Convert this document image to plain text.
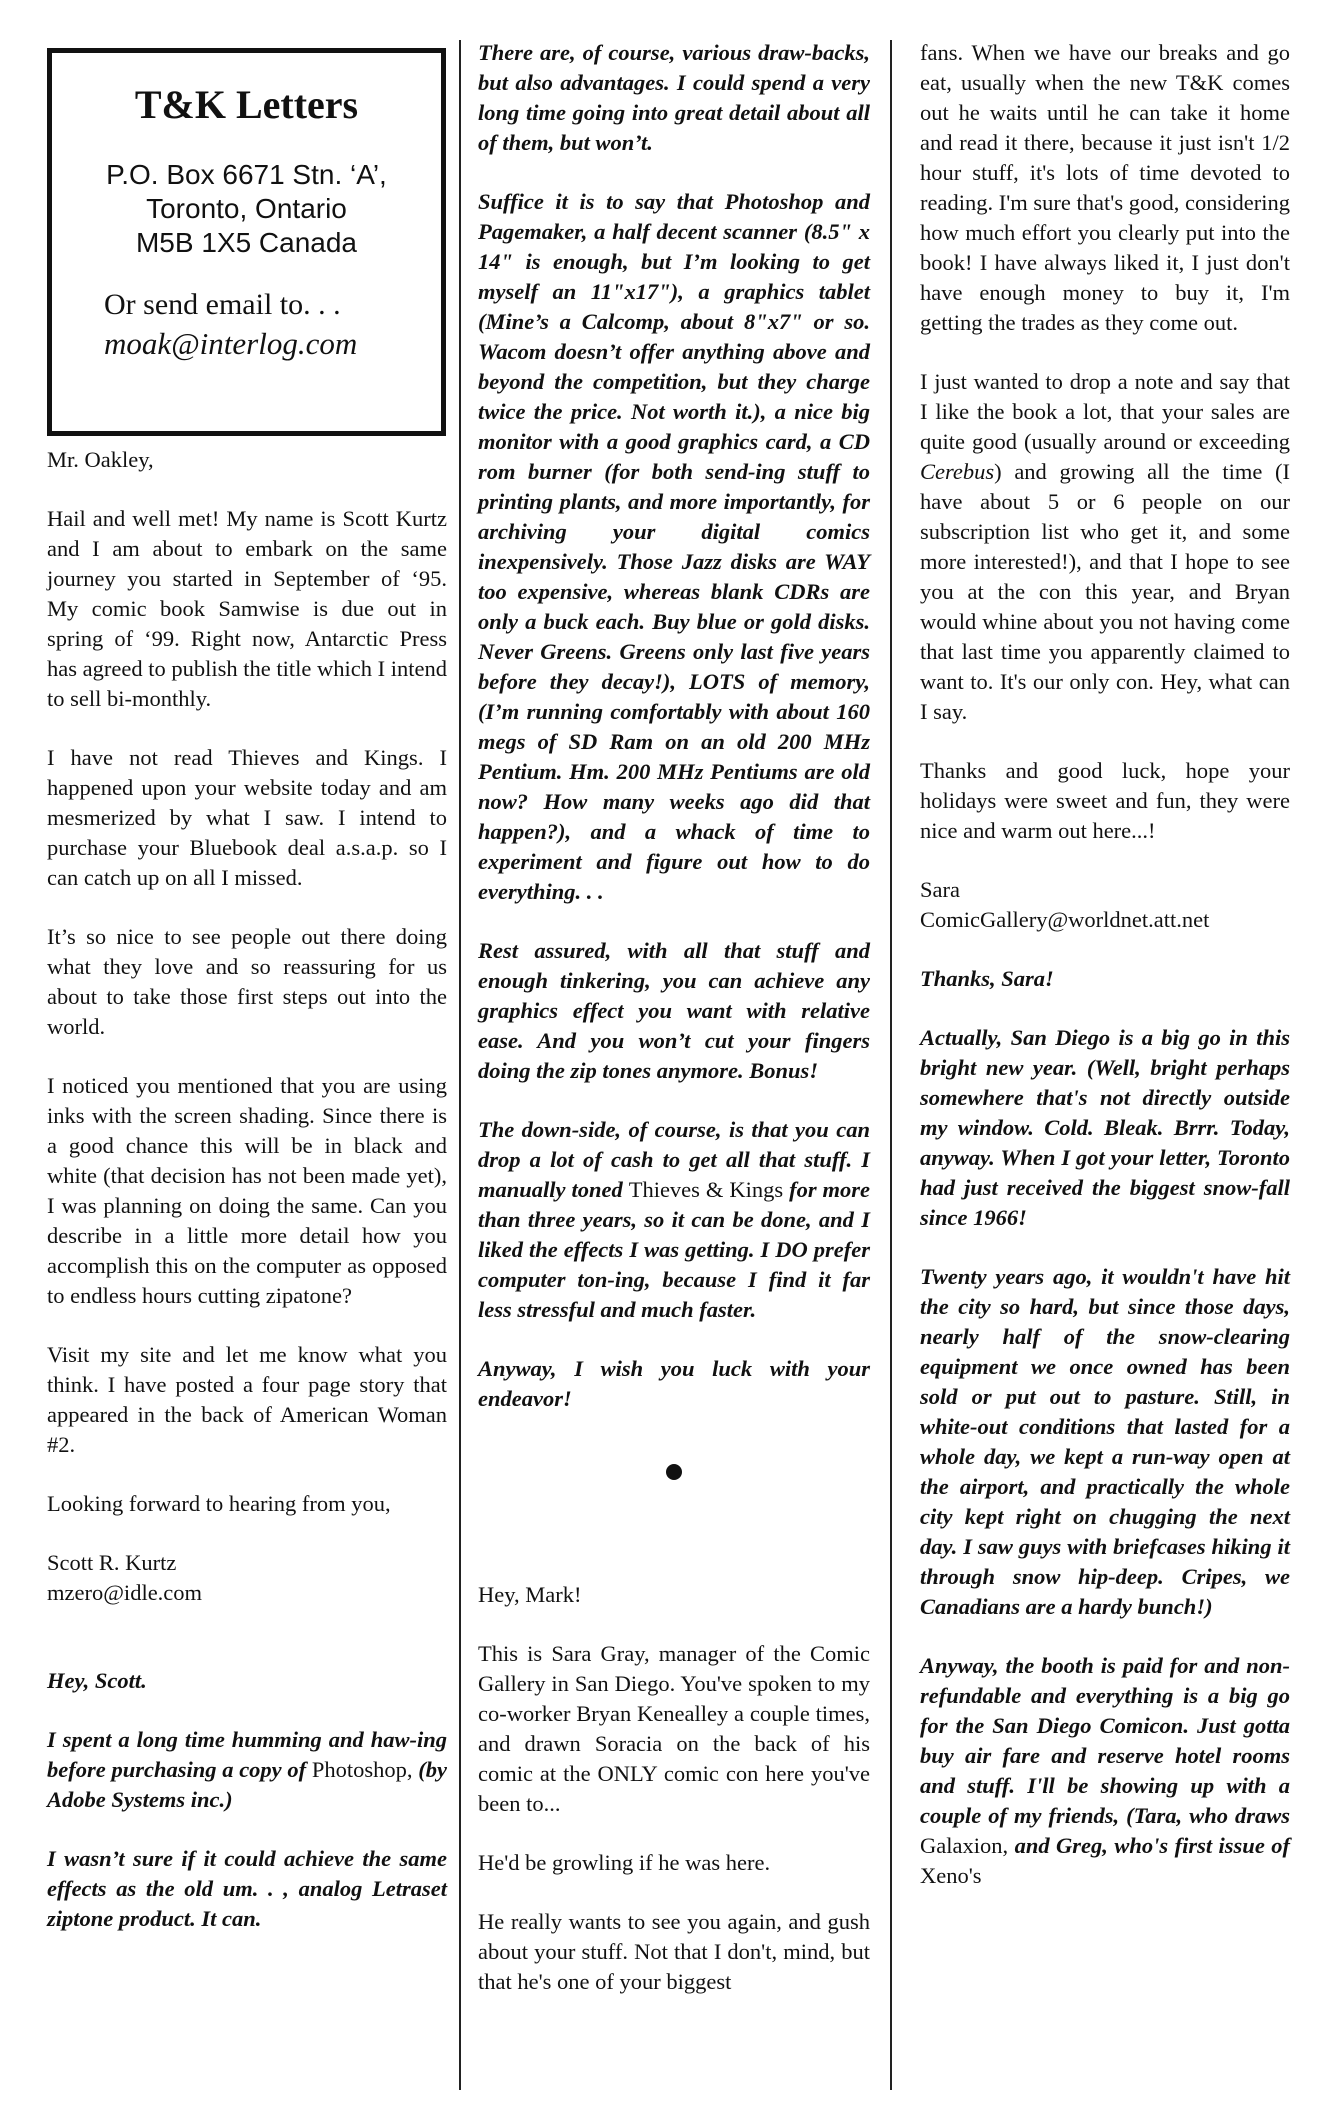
T&K Letters
P.O. Box 6671 Stn. ‘A’,
Toronto, Ontario
M5B 1X5 Canada
Or send email to. . .
moak@interlog.com

Mr. Oakley,

Hail and well met! My name is Scott Kurtz and I am about to embark on the same journey you started in September of ‘95. My comic book Samwise is due out in spring of ‘99. Right now, Antarctic Press has agreed to publish the title which I intend to sell bi-monthly.

I have not read Thieves and Kings. I happened upon your website today and am mesmerized by what I saw. I intend to purchase your Bluebook deal a.s.a.p. so I can catch up on all I missed.

It’s so nice to see people out there doing what they love and so reassuring for us about to take those first steps out into the world.

I noticed you mentioned that you are using inks with the screen shading. Since there is a good chance this will be in black and white (that decision has not been made yet), I was planning on doing the same. Can you describe in a little more detail how you accomplish this on the computer as opposed to endless hours cutting zipatone?

Visit my site and let me know what you think. I have posted a four page story that appeared in the back of American Woman #2.

Looking forward to hearing from you,

Scott R. Kurtz
mzero@idle.com

Hey, Scott.

I spent a long time humming and haw-ing before purchasing a copy of Photoshop, (by Adobe Systems inc.)

I wasn’t sure if it could achieve the same effects as the old um. . , analog Letraset ziptone product. It can.

There are, of course, various draw-backs, but also advantages. I could spend a very long time going into great detail about all of them, but won’t.

Suffice it is to say that Photoshop and Pagemaker, a half decent scanner (8.5" x 14" is enough, but I’m looking to get myself an 11"x17"), a graphics tablet (Mine’s a Calcomp, about 8"x7" or so. Wacom doesn’t offer anything above and beyond the competition, but they charge twice the price. Not worth it.), a nice big monitor with a good graphics card, a CD rom burner (for both send-ing stuff to printing plants, and more importantly, for archiving your digital comics inexpensively. Those Jazz disks are WAY too expensive, whereas blank CDRs are only a buck each. Buy blue or gold disks. Never Greens. Greens only last five years before they decay!), LOTS of memory, (I’m running comfortably with about 160 megs of SD Ram on an old 200 MHz Pentium. Hm. 200 MHz Pentiums are old now? How many weeks ago did that happen?), and a whack of time to experiment and figure out how to do everything. . .

Rest assured, with all that stuff and enough tinkering, you can achieve any graphics effect you want with relative ease. And you won’t cut your fingers doing the zip tones anymore. Bonus!

The down-side, of course, is that you can drop a lot of cash to get all that stuff. I manually toned Thieves & Kings for more than three years, so it can be done, and I liked the effects I was getting. I DO prefer computer ton-ing, because I find it far less stressful and much faster.

Anyway, I wish you luck with your endeavor!

Hey, Mark!

This is Sara Gray, manager of the Comic Gallery in San Diego. You've spoken to my co-worker Bryan Kenealley a couple times, and drawn Soracia on the back of his comic at the ONLY comic con here you've been to...

He'd be growling if he was here.

He really wants to see you again, and gush about your stuff. Not that I don't, mind, but that he's one of your biggest

fans. When we have our breaks and go eat, usually when the new T&K comes out he waits until he can take it home and read it there, because it just isn't 1/2 hour stuff, it's lots of time devoted to reading. I'm sure that's good, considering how much effort you clearly put into the book! I have always liked it, I just don't have enough money to buy it, I'm getting the trades as they come out.

I just wanted to drop a note and say that I like the book a lot, that your sales are quite good (usually around or exceeding Cerebus) and growing all the time (I have about 5 or 6 people on our subscription list who get it, and some more interested!), and that I hope to see you at the con this year, and Bryan would whine about you not having come that last time you apparently claimed to want to. It's our only con. Hey, what can I say.

Thanks and good luck, hope your holidays were sweet and fun, they were nice and warm out here...!

Sara
ComicGallery@worldnet.att.net

Thanks, Sara!

Actually, San Diego is a big go in this bright new year. (Well, bright perhaps somewhere that's not directly outside my window. Cold. Bleak. Brrr. Today, anyway. When I got your letter, Toronto had just received the biggest snow-fall since 1966!

Twenty years ago, it wouldn't have hit the city so hard, but since those days, nearly half of the snow-clearing equipment we once owned has been sold or put out to pasture. Still, in white-out conditions that lasted for a whole day, we kept a run-way open at the airport, and practically the whole city kept right on chugging the next day. I saw guys with briefcases hiking it through snow hip-deep. Cripes, we Canadians are a hardy bunch!)

Anyway, the booth is paid for and non-refundable and everything is a big go for the San Diego Comicon. Just gotta buy air fare and reserve hotel rooms and stuff. I'll be showing up with a couple of my friends, (Tara, who draws Galaxion, and Greg, who's first issue of Xeno's
